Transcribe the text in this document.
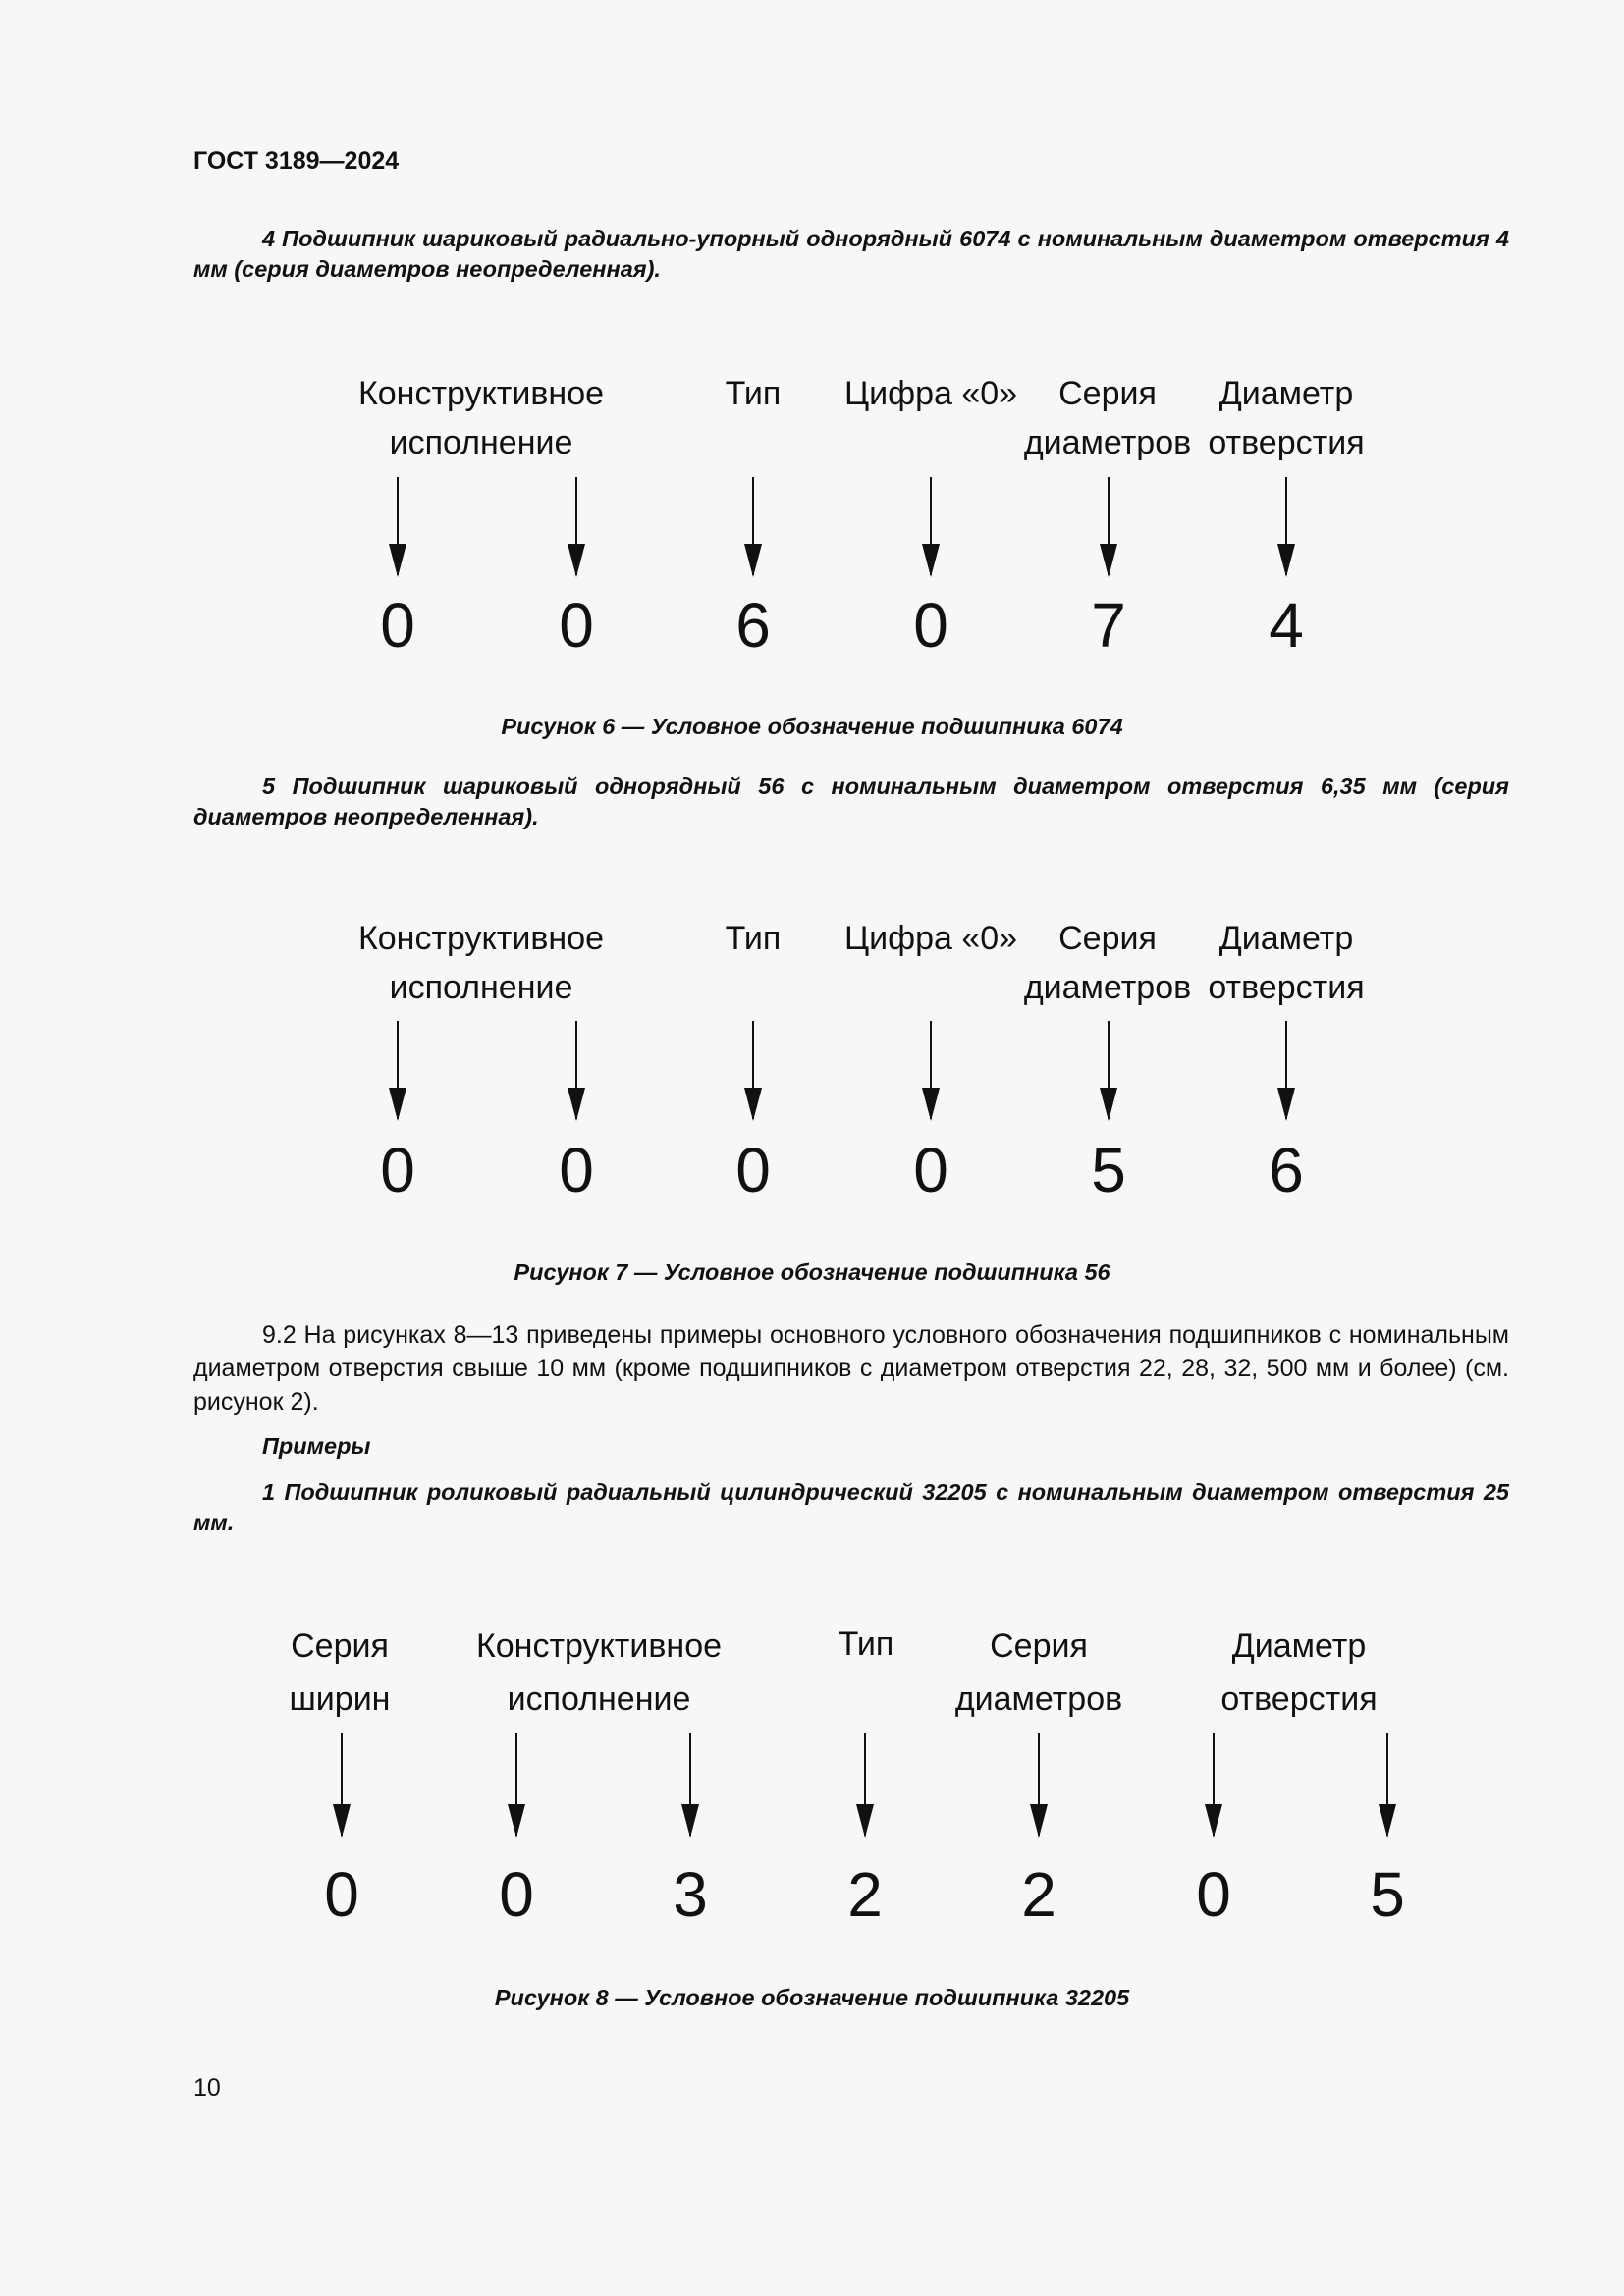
ГОСТ 3189—2024
4 Подшипник шариковый радиально-упорный однорядный 6074 с номинальным диаметром отверстия 4 мм (серия диаметров неопределенная).
Конструктивное исполнение
Тип Цифра «0»	Серия диаметров
Диаметр отверстия
0 0 6 0 7 4
Рисунок 6 — Условное обозначение подшипника 6074
5 Подшипник шариковый однорядный 56 с номинальным диаметром отверстия 6,35 мм (серия диаметров неопределенная).
Конструктивное исполнение
Тип Цифра «0»	Серия диаметров
Диаметр отверстия
0 0 0 0 5 6
Рисунок 7 — Условное обозначение подшипника 56
9.2 На рисунках 8—13 приведены примеры основного условного обозначения подшипников с номинальным диаметром отверстия свыше 10 мм (кроме подшипников с диаметром отверстия 22, 28, 32, 500 мм и более) (см. рисунок 2).
Примеры
1 Подшипник роликовый радиальный цилиндрический 32205 с номинальным диаметром отверстия 25 мм.
Серия ширин
Конструктивное исполнение
Тип	Серия диаметров
Диаметр отверстия
0 0 3 2 2 0 5
Рисунок 8 — Условное обозначение подшипника 32205
10
